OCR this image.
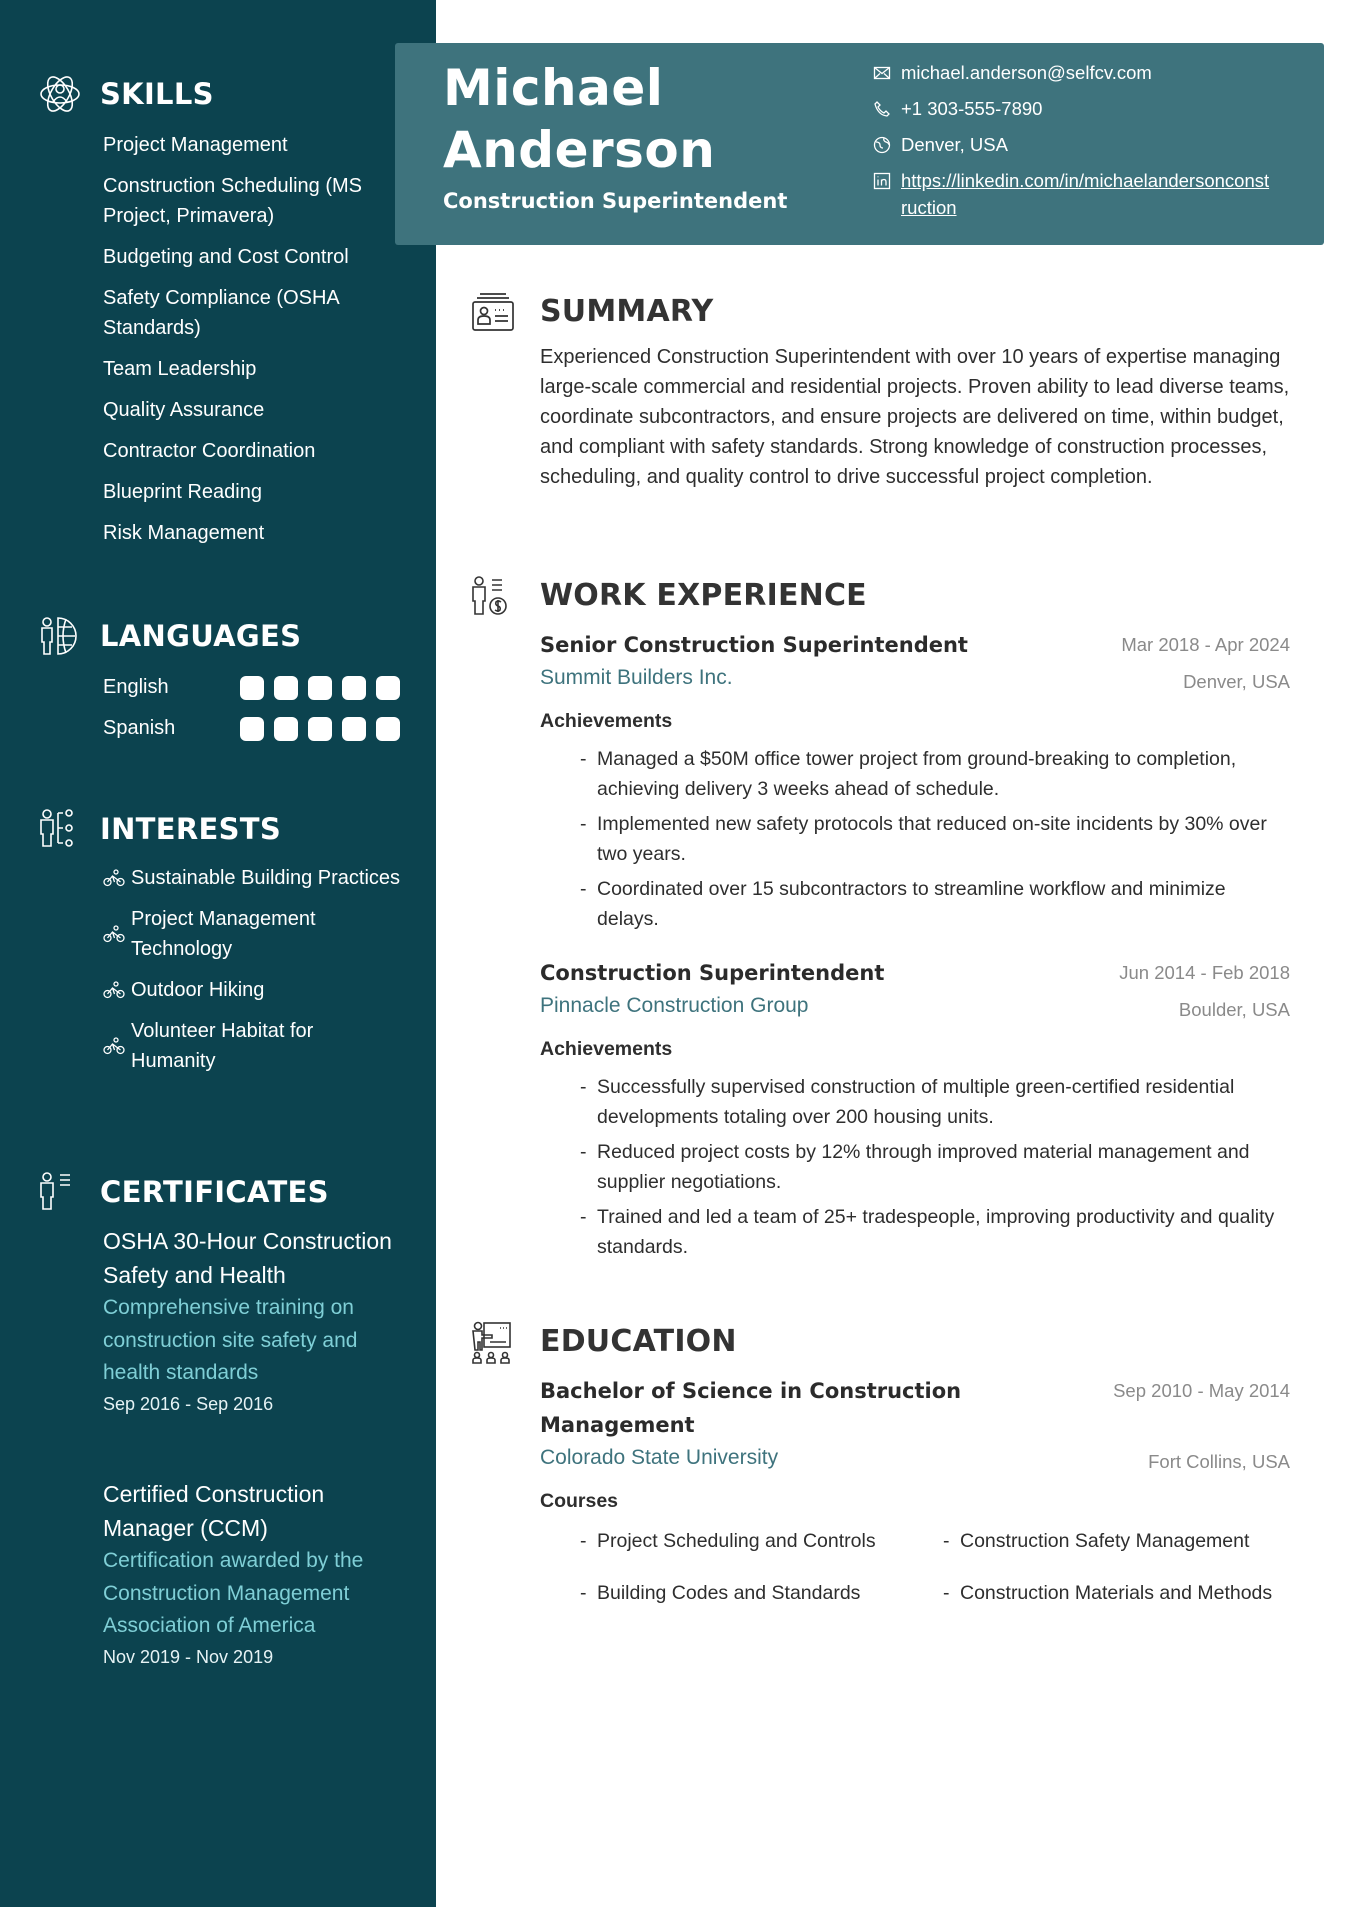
SKILLS
Project Management
Construction Scheduling (MS Project, Primavera)
Budgeting and Cost Control
Safety Compliance (OSHA Standards)
Team Leadership
Quality Assurance
Contractor Coordination
Blueprint Reading
Risk Management
LANGUAGES
English
Spanish
INTERESTS
Sustainable Building Practices
Project Management Technology
Outdoor Hiking
Volunteer Habitat for Humanity
CERTIFICATES
OSHA 30-Hour Construction Safety and Health
Comprehensive training on construction site safety and health standards
Sep 2016 - Sep 2016
Certified Construction Manager (CCM)
Certification awarded by the Construction Management Association of America
Nov 2019 - Nov 2019
Michael
Anderson
Construction Superintendent
michael.anderson@selfcv.com
+1 303-555-7890
Denver, USA
https://linkedin.com/in/michaelandersonconstruction
SUMMARY

Experienced Construction Superintendent with over 10 years of expertise managing large-scale commercial and residential projects. Proven ability to lead diverse teams, coordinate subcontractors, and ensure projects are delivered on time, within budget, and compliant with safety standards. Strong knowledge of construction processes, scheduling, and quality control to drive successful project completion.

WORK EXPERIENCE
Senior Construction Superintendent	Mar 2018 - Apr 2024
Summit Builders Inc.	Denver, USA
Achievements
- Managed a $50M office tower project from ground-breaking to completion, achieving delivery 3 weeks ahead of schedule.
- Implemented new safety protocols that reduced on-site incidents by 30% over two years.
- Coordinated over 15 subcontractors to streamline workflow and minimize delays.
Construction Superintendent	Jun 2014 - Feb 2018
Pinnacle Construction Group	Boulder, USA
Achievements
- Successfully supervised construction of multiple green-certified residential developments totaling over 200 housing units.
- Reduced project costs by 12% through improved material management and supplier negotiations.
- Trained and led a team of 25+ tradespeople, improving productivity and quality standards.
EDUCATION
Bachelor of Science in Construction Management
Sep 2010 - May 2014
Colorado State University	Fort Collins, USA
Courses
- Project Scheduling and Controls	- Construction Safety Management
- Building Codes and Standards	- Construction Materials and Methods
